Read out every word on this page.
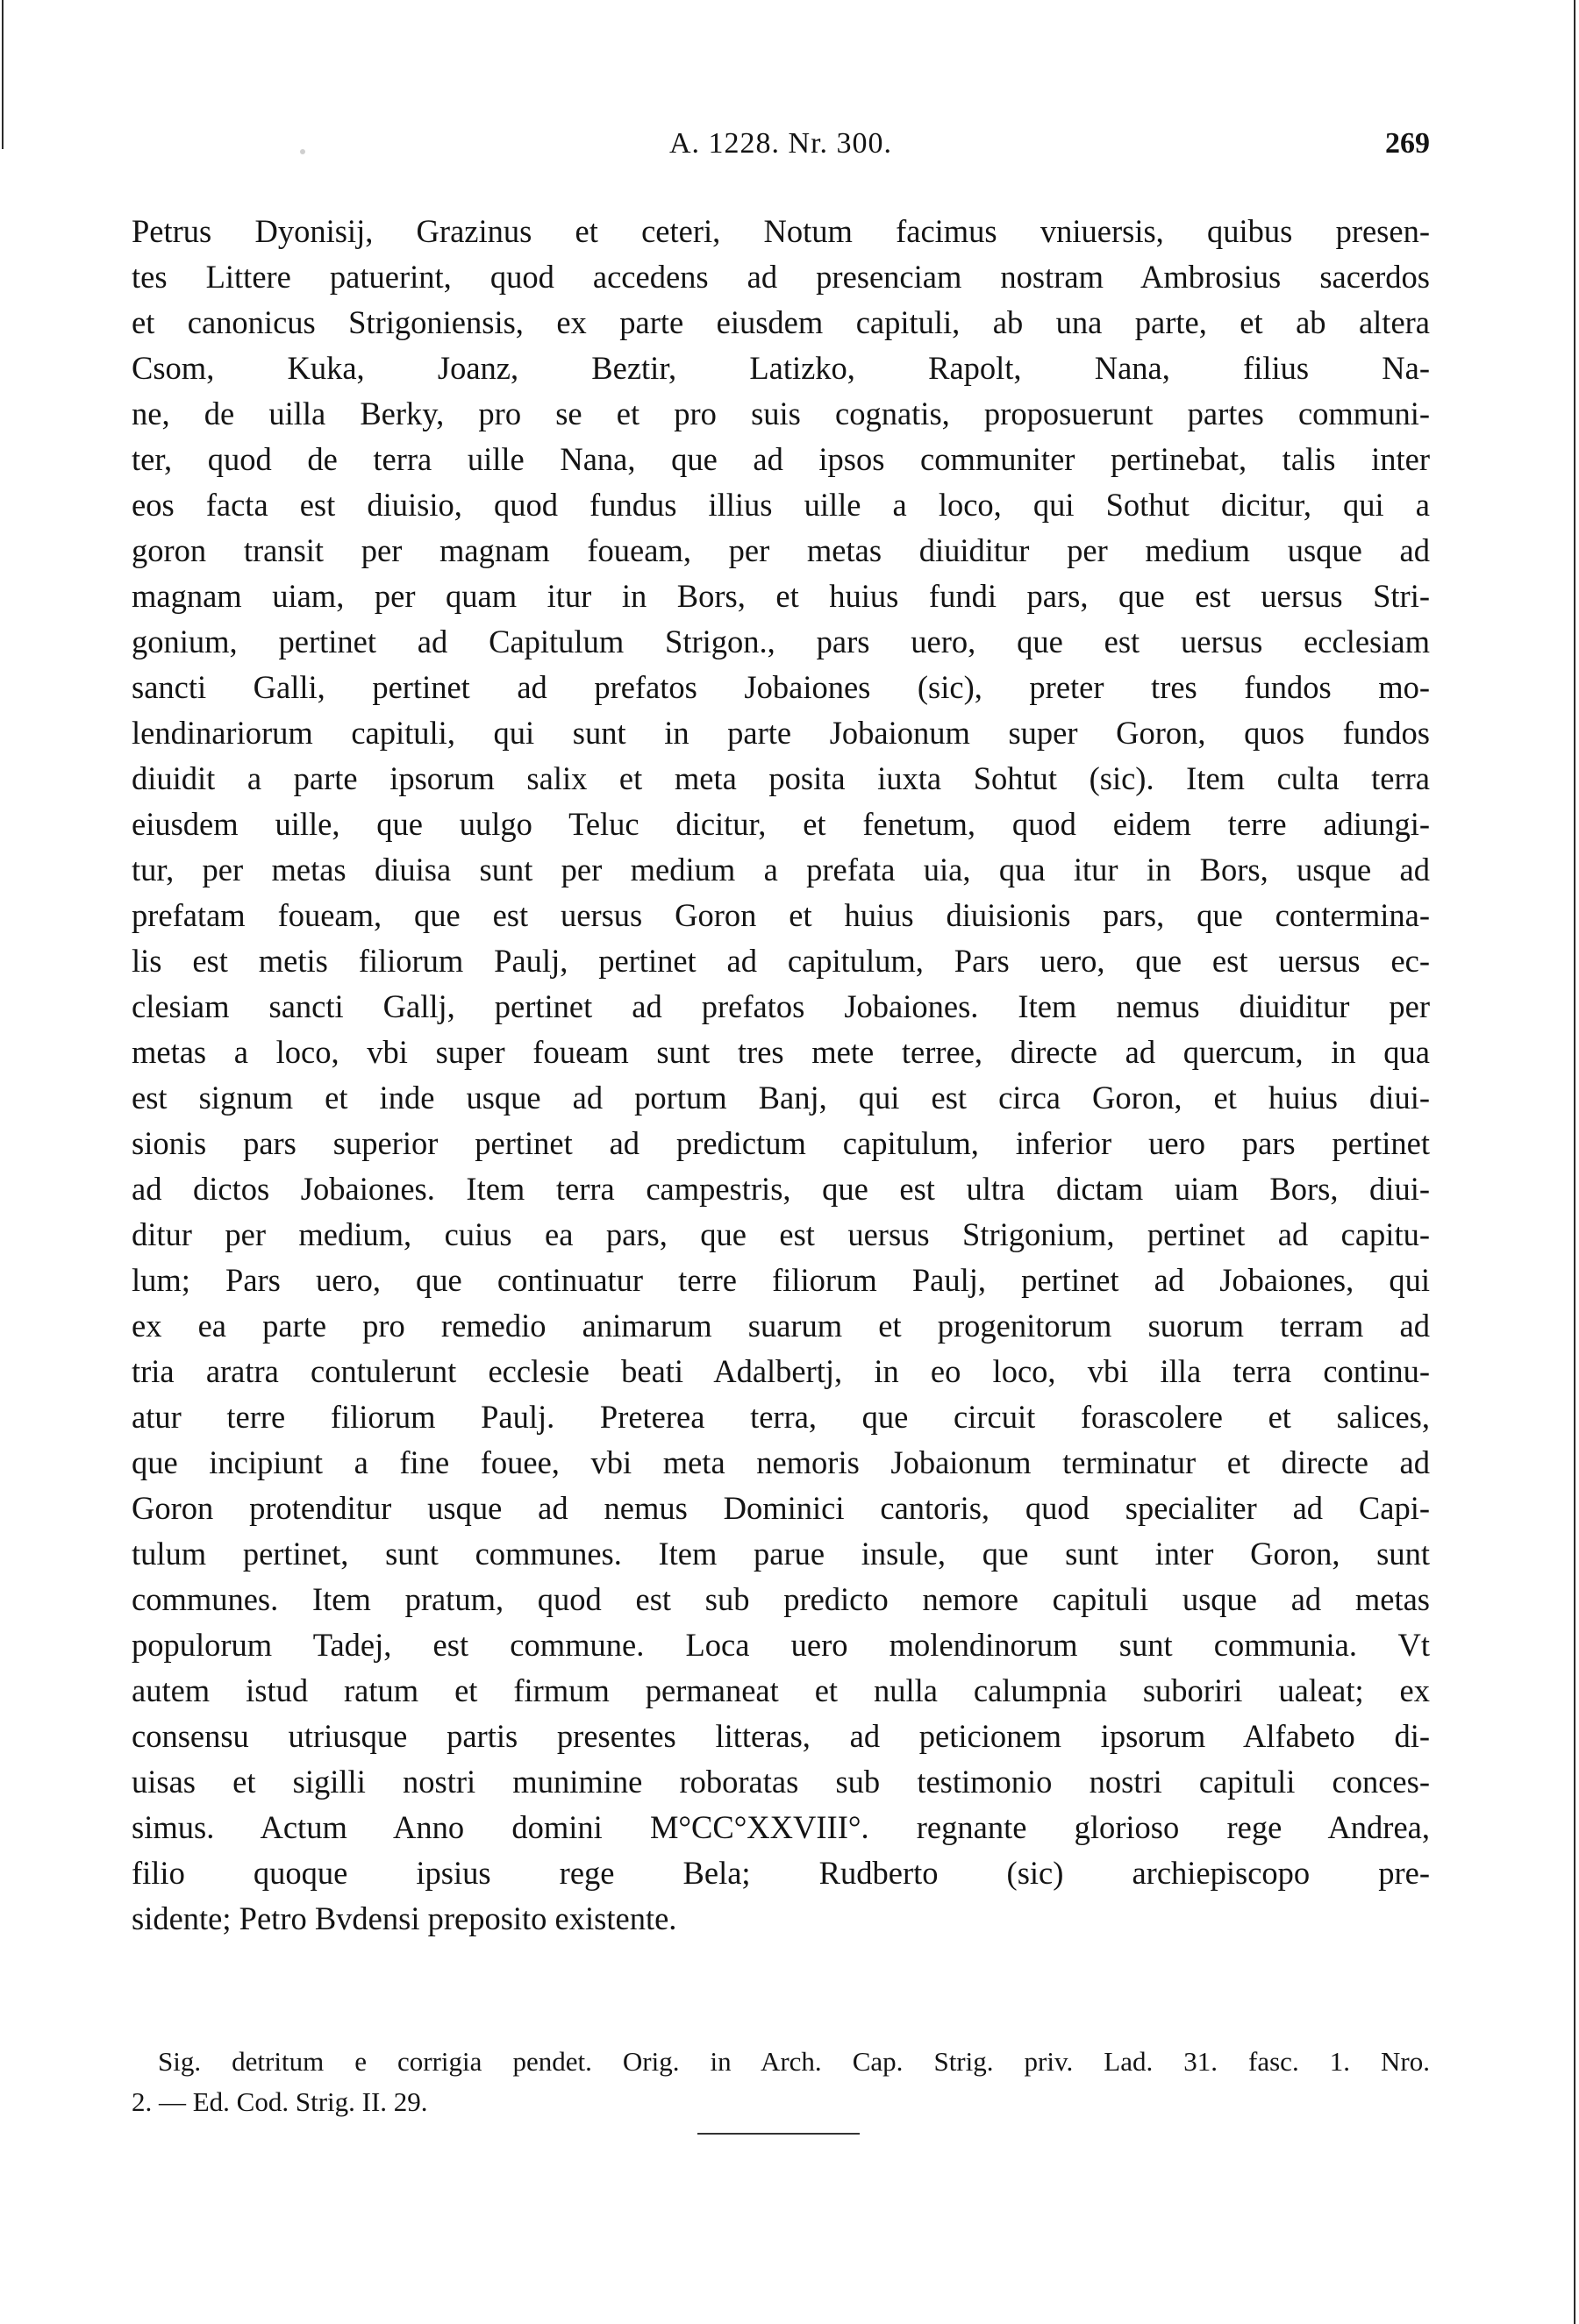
A. 1228. Nr. 300.	269
Petrus Dyonisij, Grazinus et ceteri, Notum facimus vniuersis, quibus presen-
tes Littere patuerint, quod accedens ad presenciam nostram Ambrosius sacerdos
et canonicus Strigoniensis, ex parte eiusdem capituli, ab una parte, et ab altera
Csom, Kuka, Joanz, Beztir, Latizko, Rapolt, Nana, filius Na-
ne, de uilla Berky, pro se et pro suis cognatis, proposuerunt partes communi-
ter, quod de terra uille Nana, que ad ipsos communiter pertinebat, talis inter
eos facta est diuisio, quod fundus illius uille a loco, qui Sothut dicitur, qui a
goron transit per magnam foueam, per metas diuiditur per medium usque ad
magnam uiam, per quam itur in Bors, et huius fundi pars, que est uersus Stri-
gonium, pertinet ad Capitulum Strigon., pars uero, que est uersus ecclesiam
sancti Galli, pertinet ad prefatos Jobaiones (sic), preter tres fundos mo-
lendinariorum capituli, qui sunt in parte Jobaionum super Goron, quos fundos
diuidit a parte ipsorum salix et meta posita iuxta Sohtut (sic). Item culta terra
eiusdem uille, que uulgo Teluc dicitur, et fenetum, quod eidem terre adiungi-
tur, per metas diuisa sunt per medium a prefata uia, qua itur in Bors, usque ad
prefatam foueam, que est uersus Goron et huius diuisionis pars, que contermina-
lis est metis filiorum Paulj, pertinet ad capitulum, Pars uero, que est uersus ec-
clesiam sancti Gallj, pertinet ad prefatos Jobaiones. Item nemus diuiditur per
metas a loco, vbi super foueam sunt tres mete terree, directe ad quercum, in qua
est signum et inde usque ad portum Banj, qui est circa Goron, et huius diui-
sionis pars superior pertinet ad predictum capitulum, inferior uero pars pertinet
ad dictos Jobaiones. Item terra campestris, que est ultra dictam uiam Bors, diui-
ditur per medium, cuius ea pars, que est uersus Strigonium, pertinet ad capitu-
lum; Pars uero, que continuatur terre filiorum Paulj, pertinet ad Jobaiones, qui
ex ea parte pro remedio animarum suarum et progenitorum suorum terram ad
tria aratra contulerunt ecclesie beati Adalbertj, in eo loco, vbi illa terra continu-
atur terre filiorum Paulj. Preterea terra, que circuit forascolere et salices,
que incipiunt a fine fouee, vbi meta nemoris Jobaionum terminatur et directe ad
Goron protenditur usque ad nemus Dominici cantoris, quod specialiter ad Capi-
tulum pertinet, sunt communes. Item parue insule, que sunt inter Goron, sunt
communes. Item pratum, quod est sub predicto nemore capituli usque ad metas
populorum Tadej, est commune. Loca uero molendinorum sunt communia. Vt
autem istud ratum et firmum permaneat et nulla calumpnia suboriri ualeat; ex
consensu utriusque partis presentes litteras, ad peticionem ipsorum Alfabeto di-
uisas et sigilli nostri munimine roboratas sub testimonio nostri capituli conces-
simus. Actum Anno domini M°CC°XXVIII°. regnante glorioso rege Andrea,
filio quoque ipsius rege Bela; Rudberto (sic) archiepiscopo pre-
sidente; Petro Bvdensi preposito existente.
Sig. detritum e corrigia pendet. Orig. in Arch. Cap. Strig. priv. Lad. 31. fasc. 1. Nro.
2. — Ed. Cod. Strig. II. 29.
